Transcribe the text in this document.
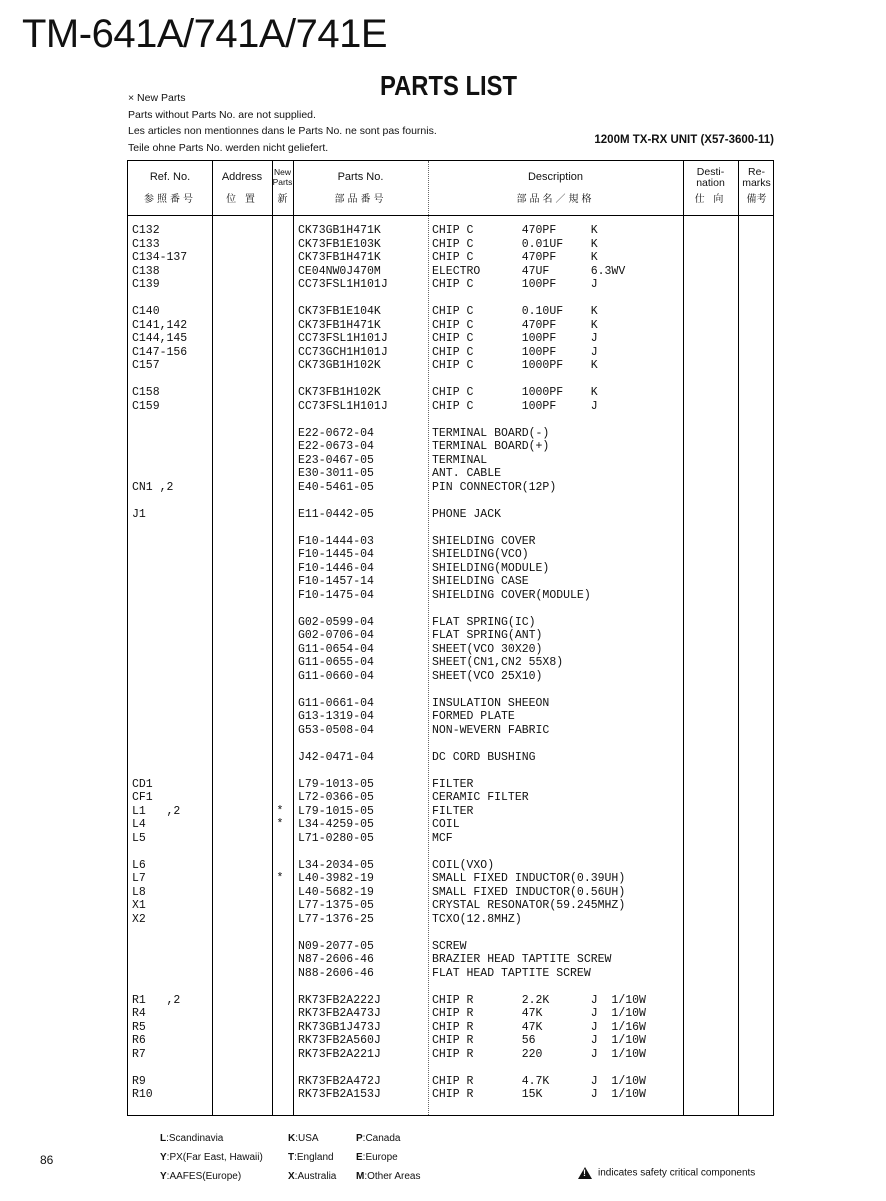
TM-641A/741A/741E
PARTS LIST
× New Parts
Parts without Parts No. are not supplied.
Les articles non mentionnes dans le Parts No. ne sont pas fournis.
Teile ohne Parts No. werden nicht geliefert.
1200M TX-RX UNIT (X57-3600-11)
Ref. No.
参照番号
Address
位 置
New Parts
新
Parts No.
部品番号
Description
部品名／規格
Desti- nation
仕 向
Re- marks
備考
C132	CK73GB1H471K	CHIP C       470PF     K
C133	CK73FB1E103K	CHIP C       0.01UF    K
C134-137	CK73FB1H471K	CHIP C       470PF     K
C138	CE04NW0J470M	ELECTRO      47UF      6.3WV
C139	CC73FSL1H101J	CHIP C       100PF     J
C140	CK73FB1E104K	CHIP C       0.10UF    K
C141,142	CK73FB1H471K	CHIP C       470PF     K
C144,145	CC73FSL1H101J	CHIP C       100PF     J
C147-156	CC73GCH1H101J	CHIP C       100PF     J
C157	CK73GB1H102K	CHIP C       1000PF    K
C158	CK73FB1H102K	CHIP C       1000PF    K
C159	CC73FSL1H101J	CHIP C       100PF     J
E22-0672-04	TERMINAL BOARD(-)
E22-0673-04	TERMINAL BOARD(+)
E23-0467-05	TERMINAL
E30-3011-05	ANT. CABLE
CN1 ,2	E40-5461-05	PIN CONNECTOR(12P)
J1	E11-0442-05	PHONE JACK
F10-1444-03	SHIELDING COVER
F10-1445-04	SHIELDING(VCO)
F10-1446-04	SHIELDING(MODULE)
F10-1457-14	SHIELDING CASE
F10-1475-04	SHIELDING COVER(MODULE)
G02-0599-04	FLAT SPRING(IC)
G02-0706-04	FLAT SPRING(ANT)
G11-0654-04	SHEET(VCO 30X20)
G11-0655-04	SHEET(CN1,CN2 55X8)
G11-0660-04	SHEET(VCO 25X10)
G11-0661-04	INSULATION SHEEON
G13-1319-04	FORMED PLATE
G53-0508-04	NON-WEVERN FABRIC
J42-0471-04	DC CORD BUSHING
CD1	L79-1013-05	FILTER
CF1	L72-0366-05	CERAMIC FILTER
L1   ,2	*	L79-1015-05	FILTER
L4	*	L34-4259-05	COIL
L5	L71-0280-05	MCF
L6	L34-2034-05	COIL(VXO)
L7	*	L40-3982-19	SMALL FIXED INDUCTOR(0.39UH)
L8	L40-5682-19	SMALL FIXED INDUCTOR(0.56UH)
X1	L77-1375-05	CRYSTAL RESONATOR(59.245MHZ)
X2	L77-1376-25	TCXO(12.8MHZ)
N09-2077-05	SCREW
N87-2606-46	BRAZIER HEAD TAPTITE SCREW
N88-2606-46	FLAT HEAD TAPTITE SCREW
R1   ,2	RK73FB2A222J	CHIP R       2.2K      J  1/10W
R4	RK73FB2A473J	CHIP R       47K       J  1/10W
R5	RK73GB1J473J	CHIP R       47K       J  1/16W
R6	RK73FB2A560J	CHIP R       56        J  1/10W
R7	RK73FB2A221J	CHIP R       220       J  1/10W
R9	RK73FB2A472J	CHIP R       4.7K      J  1/10W
R10	RK73FB2A153J	CHIP R       15K       J  1/10W
86
L:Scandinavia
Y:PX(Far East, Hawaii)
Y:AAFES(Europe)
K:USA
T:England
X:Australia
P:Canada
E:Europe
M:Other Areas
!	indicates safety critical components
